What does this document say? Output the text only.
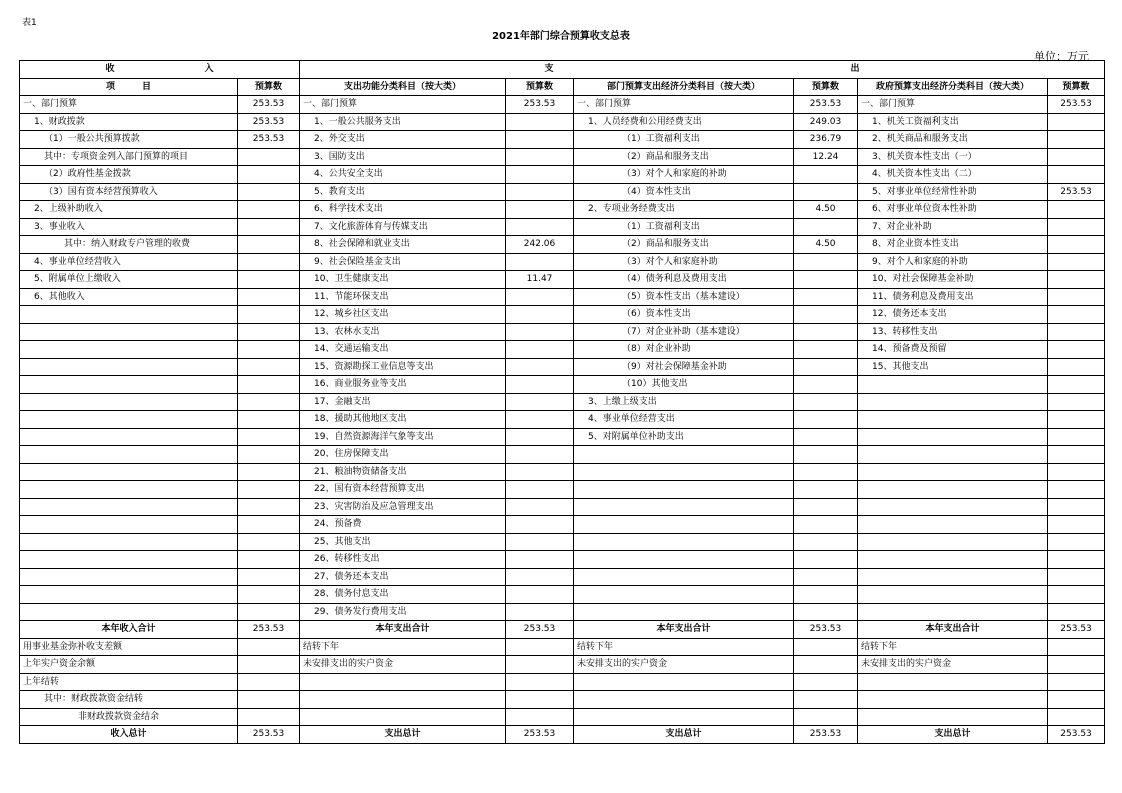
表1
2021年部门综合预算收支总表
单位：万元
收　　　　　　　　　　入		支　　　　　　　　　　　　　　　　　　　　　　　　　　　　　　　　　出					
项　　　目	预算数	支出功能分类科目（按大类）	预算数	部门预算支出经济分类科目（按大类）	预算数	政府预算支出经济分类科目（按大类）	预算数
一、部门预算	253.53	一、部门预算	253.53	一、部门预算	253.53	一、部门预算	253.53
1、财政拨款	253.53	1、一般公共服务支出		1、人员经费和公用经费支出	249.03	1、机关工资福利支出	
（1）一般公共预算拨款	253.53	2、外交支出		（1）工资福利支出	236.79	2、机关商品和服务支出	
其中：专项资金列入部门预算的项目		3、国防支出		（2）商品和服务支出	12.24	3、机关资本性支出（一）	
（2）政府性基金拨款		4、公共安全支出		（3）对个人和家庭的补助		4、机关资本性支出（二）	
（3）国有资本经营预算收入		5、教育支出		（4）资本性支出		5、对事业单位经常性补助	253.53
2、上级补助收入		6、科学技术支出		2、专项业务经费支出	4.50	6、对事业单位资本性补助	
3、事业收入		7、文化旅游体育与传媒支出		（1）工资福利支出		7、对企业补助	
其中：纳入财政专户管理的收费		8、社会保障和就业支出	242.06	（2）商品和服务支出	4.50	8、对企业资本性支出	
4、事业单位经营收入		9、社会保险基金支出		（3）对个人和家庭补助		9、对个人和家庭的补助	
5、附属单位上缴收入		10、卫生健康支出	11.47	（4）债务利息及费用支出		10、对社会保障基金补助	
6、其他收入		11、节能环保支出		（5）资本性支出（基本建设）		11、债务利息及费用支出	
		12、城乡社区支出		（6）资本性支出		12、债务还本支出	
		13、农林水支出		（7）对企业补助（基本建设）		13、转移性支出	
		14、交通运输支出		（8）对企业补助		14、预备费及预留	
		15、资源勘探工业信息等支出		（9）对社会保障基金补助		15、其他支出	
		16、商业服务业等支出		（10）其他支出			
		17、金融支出		3、上缴上级支出			
		18、援助其他地区支出		4、事业单位经营支出			
		19、自然资源海洋气象等支出		5、对附属单位补助支出			
		20、住房保障支出					
		21、粮油物资储备支出					
		22、国有资本经营预算支出					
		23、灾害防治及应急管理支出					
		24、预备费					
		25、其他支出					
		26、转移性支出					
		27、债务还本支出					
		28、债务付息支出					
		29、债务发行费用支出					
本年收入合计	253.53	本年支出合计	253.53	本年支出合计	253.53	本年支出合计	253.53
用事业基金弥补收支差额		结转下年		结转下年		结转下年	
上年实户资金余额		未安排支出的实户资金		未安排支出的实户资金		未安排支出的实户资金	
上年结转							
其中：财政拨款资金结转							
非财政拨款资金结余							
收入总计	253.53	支出总计	253.53	支出总计	253.53	支出总计	253.53
